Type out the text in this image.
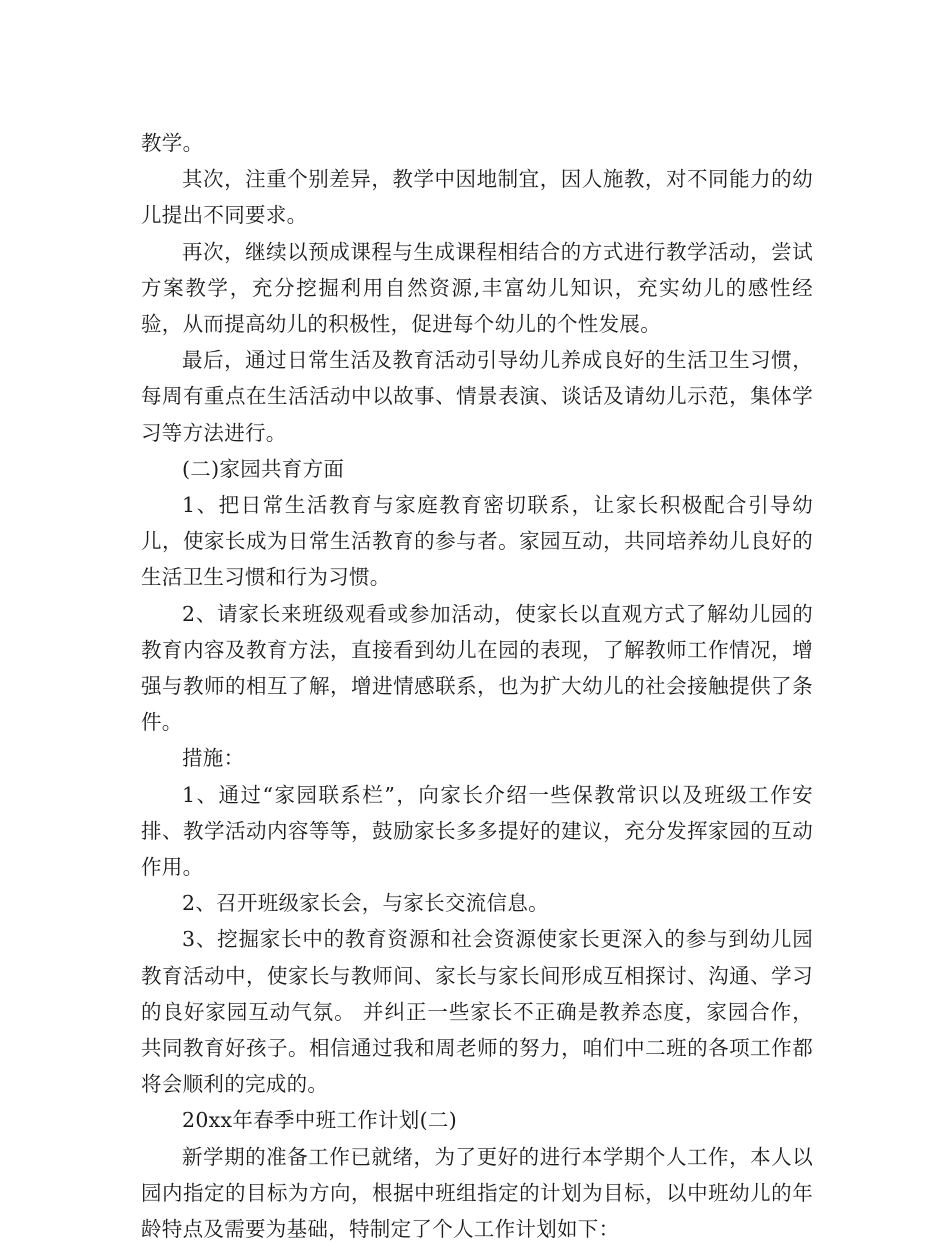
教学。

其次，注重个别差异，教学中因地制宜，因人施教，对不同能力的幼儿提出不同要求。

再次，继续以预成课程与生成课程相结合的方式进行教学活动，尝试方案教学，充分挖掘利用自然资源,丰富幼儿知识，充实幼儿的感性经验，从而提高幼儿的积极性，促进每个幼儿的个性发展。

最后，通过日常生活及教育活动引导幼儿养成良好的生活卫生习惯，每周有重点在生活活动中以故事、情景表演、谈话及请幼儿示范，集体学习等方法进行。

(二)家园共育方面

1、把日常生活教育与家庭教育密切联系，让家长积极配合引导幼儿，使家长成为日常生活教育的参与者。家园互动，共同培养幼儿良好的生活卫生习惯和行为习惯。

2、请家长来班级观看或参加活动，使家长以直观方式了解幼儿园的教育内容及教育方法，直接看到幼儿在园的表现，了解教师工作情况，增强与教师的相互了解，增进情感联系，也为扩大幼儿的社会接触提供了条件。

措施：

1、通过“家园联系栏”，向家长介绍一些保教常识以及班级工作安排、教学活动内容等等，鼓励家长多多提好的建议，充分发挥家园的互动作用。

2、召开班级家长会，与家长交流信息。

3、挖掘家长中的教育资源和社会资源使家长更深入的参与到幼儿园教育活动中，使家长与教师间、家长与家长间形成互相探讨、沟通、学习的良好家园互动气氛。 并纠正一些家长不正确是教养态度，家园合作，共同教育好孩子。相信通过我和周老师的努力，咱们中二班的各项工作都将会顺利的完成的。

20xx年春季中班工作计划(二)

新学期的准备工作已就绪，为了更好的进行本学期个人工作，本人以园内指定的目标为方向，根据中班组指定的计划为目标，以中班幼儿的年龄特点及需要为基础，特制定了个人工作计划如下：
